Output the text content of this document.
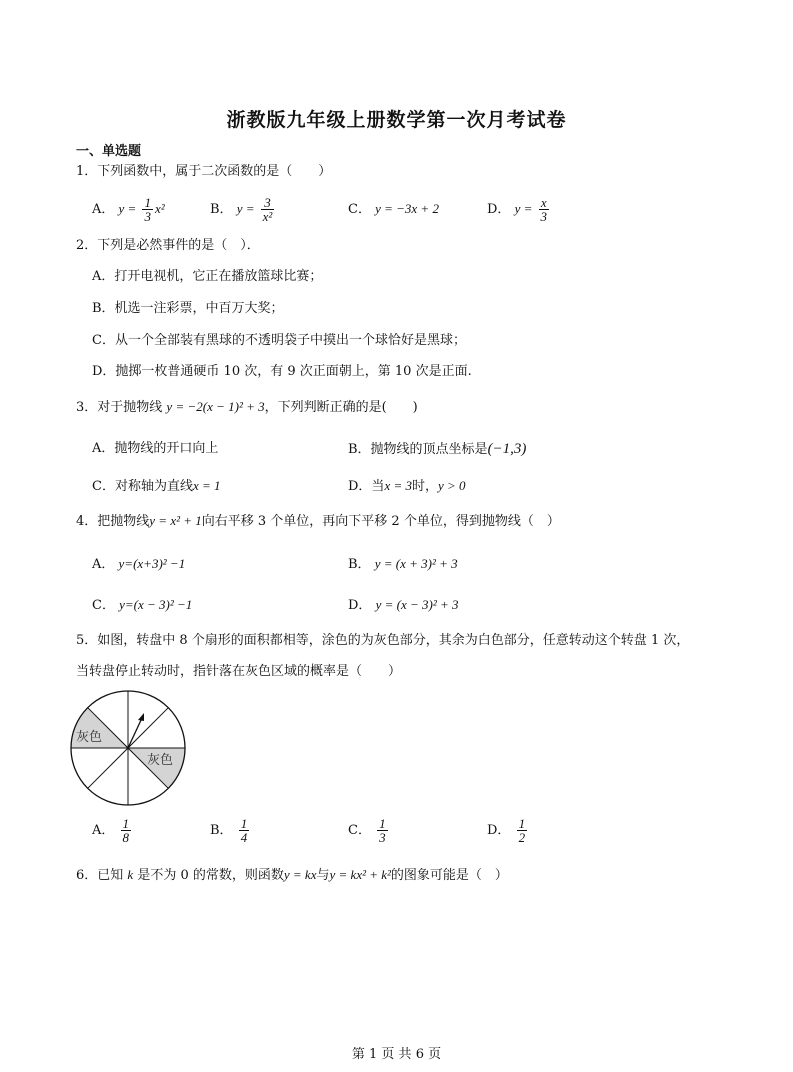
浙教版九年级上册数学第一次月考试卷
一、单选题
1．下列函数中，属于二次函数的是（　　）
A． $y = \frac{1}{3} x^2$	B． $y = \frac{3}{\text{x²}}$	C． y = −3x + 2	D． $y = \frac{x}{3}$
2．下列是必然事件的是（　）．
A．打开电视机，它正在播放篮球比赛；
B．机选一注彩票，中百万大奖；
C．从一个全部装有黑球的不透明袋子中摸出一个球恰好是黑球；
D．抛掷一枚普通硬币 10 次，有 9 次正面朝上，第 10 次是正面.
3．对于抛物线 y = −2(x − 1)² + 3，下列判断正确的是(　　)
A．抛物线的开口向上	B．抛物线的顶点坐标是(−1,3)
C．对称轴为直线x = 1	D．当x = 3时，y > 0
4．把抛物线y = x² + 1向右平移 3 个单位，再向下平移 2 个单位，得到抛物线（　）
A． y=(x+3)² −1	B． y = (x + 3)² + 3
C． y=(x − 3)² −1	D． y = (x − 3)² + 3
5．如图，转盘中 8 个扇形的面积都相等，涂色的为灰色部分，其余为白色部分，任意转动这个转盘 1 次，
当转盘停止转动时，指针落在灰色区域的概率是（　　）
灰色
灰色
A． $\frac{1}{8}$	B． $\frac{1}{4}$	C． $\frac{1}{3}$	D． $\frac{1}{2}$
6．已知 k 是不为 0 的常数，则函数y = kx与y = kx² + k²的图象可能是（　）
第 1 页 共 6 页
